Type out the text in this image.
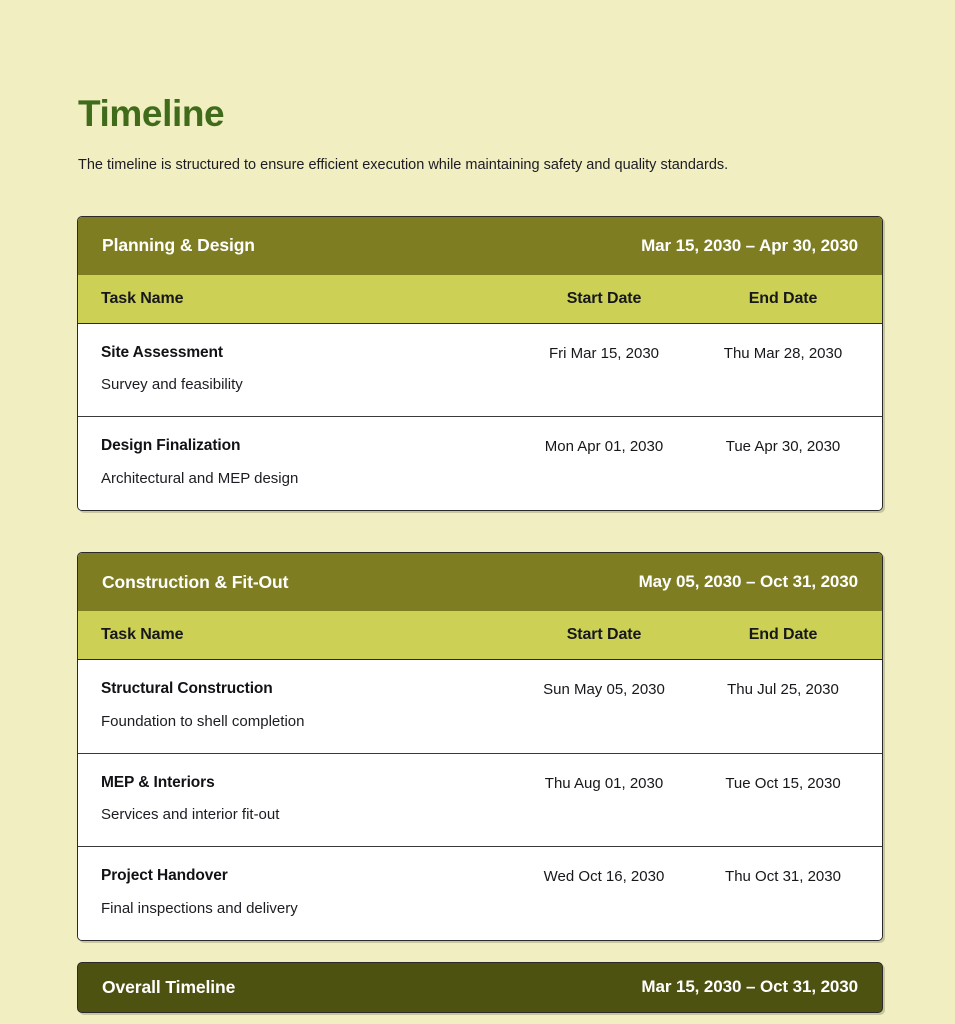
Timeline

The timeline is structured to ensure efficient execution while maintaining safety and quality standards.

Planning & Design	Mar 15, 2030 – Apr 30, 2030
Task Name	Start Date	End Date
Site Assessment
Survey and feasibility
Fri Mar 15, 2030	Thu Mar 28, 2030
Design Finalization
Architectural and MEP design
Mon Apr 01, 2030	Tue Apr 30, 2030
Construction & Fit-Out	May 05, 2030 – Oct 31, 2030
Task Name	Start Date	End Date
Structural Construction
Foundation to shell completion
Sun May 05, 2030	Thu Jul 25, 2030
MEP & Interiors
Services and interior fit-out
Thu Aug 01, 2030	Tue Oct 15, 2030
Project Handover
Final inspections and delivery
Wed Oct 16, 2030	Thu Oct 31, 2030
Overall Timeline	Mar 15, 2030 – Oct 31, 2030
